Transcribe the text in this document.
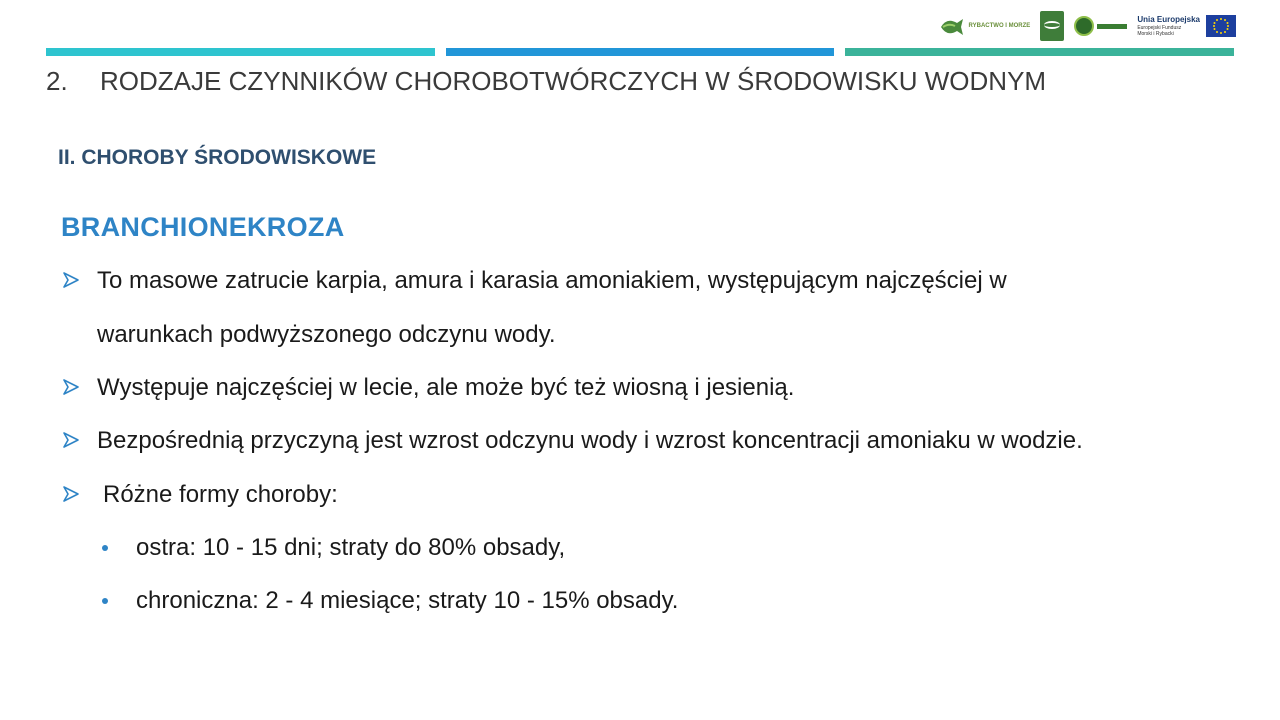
RYBACTWO I MORZE
Unia Europejska
Europejski Fundusz
Morski i Rybacki
2. RODZAJE CZYNNIKÓW CHOROBOTWÓRCZYCH W ŚRODOWISKU WODNYM
II. CHOROBY ŚRODOWISKOWE
BRANCHIONEKROZA
To masowe zatrucie karpia, amura i karasia amoniakiem, występującym najczęściej w
warunkach podwyższonego odczynu wody.
Występuje najczęściej w lecie, ale może być też wiosną i jesienią.
Bezpośrednią przyczyną jest wzrost odczynu wody i wzrost koncentracji amoniaku w wodzie.
Różne formy choroby:
ostra: 10 - 15 dni; straty do 80% obsady,
chroniczna: 2 - 4 miesiące; straty 10 - 15% obsady.
